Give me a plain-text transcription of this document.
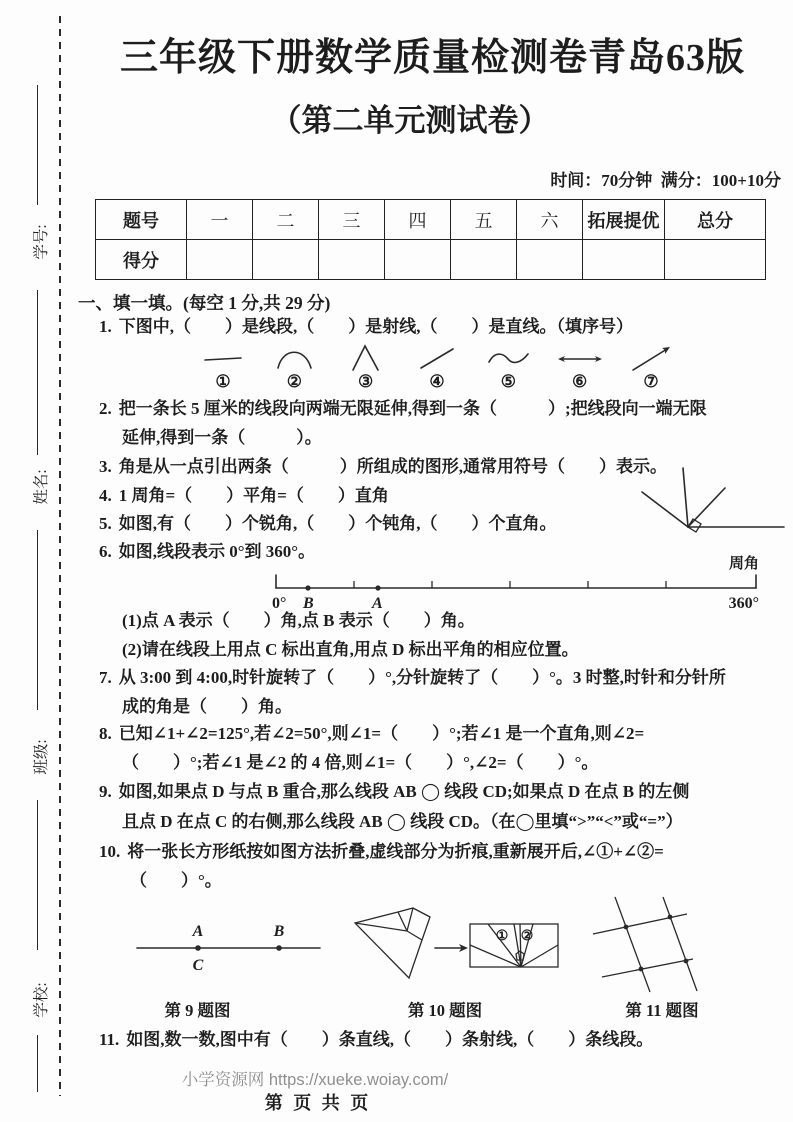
学号:
姓名:
班级:
学校:
三年级下册数学质量检测卷青岛63版
（第二单元测试卷）
时间：70分钟  满分：100+10分
题号	一	二	三	四	五	六	拓展提优	总分
得分								
一、填一填。(每空 1 分,共 29 分)
1. 下图中,（　　）是线段,（　　）是射线,（　　）是直线。（填序号）
①	②	③	④	⑤	⑥	⑦
2. 把一条长 5 厘米的线段向两端无限延伸,得到一条（　　　）;把线段向一端无限
延伸,得到一条（　　　）。
3. 角是从一点引出两条（　　　）所组成的图形,通常用符号（　　）表示。
4. 1 周角=（　　）平角=（　　）直角
5. 如图,有（　　）个锐角,（　　）个钝角,（　　）个直角。
6. 如图,线段表示 0°到 360°。
0° B	A	360°
周角
(1)点 A 表示（　　）角,点 B 表示（　　）角。
(2)请在线段上用点 C 标出直角,用点 D 标出平角的相应位置。
7. 从 3:00 到 4:00,时针旋转了（　　）°,分针旋转了（　　）°。3 时整,时针和分针所
成的角是（　　）角。
8. 已知∠1+∠2=125°,若∠2=50°,则∠1=（　　）°;若∠1 是一个直角,则∠2=
（　　）°;若∠1 是∠2 的 4 倍,则∠1=（　　）°,∠2=（　　）°。
9. 如图,如果点 D 与点 B 重合,那么线段 AB ◯ 线段 CD;如果点 D 在点 B 的左侧
且点 D 在点 C 的右侧,那么线段 AB ◯ 线段 CD。（在◯里填“>”“<”或“=”）
10. 将一张长方形纸按如图方法折叠,虚线部分为折痕,重新展开后,∠①+∠②=
（　　）°。
A	B
C
① ②
第 9 题图	第 10 题图	第 11 题图
11. 如图,数一数,图中有（　　）条直线,（　　）条射线,（　　）条线段。
小学资源网 https://xueke.woiay.com/
第 页 共 页
